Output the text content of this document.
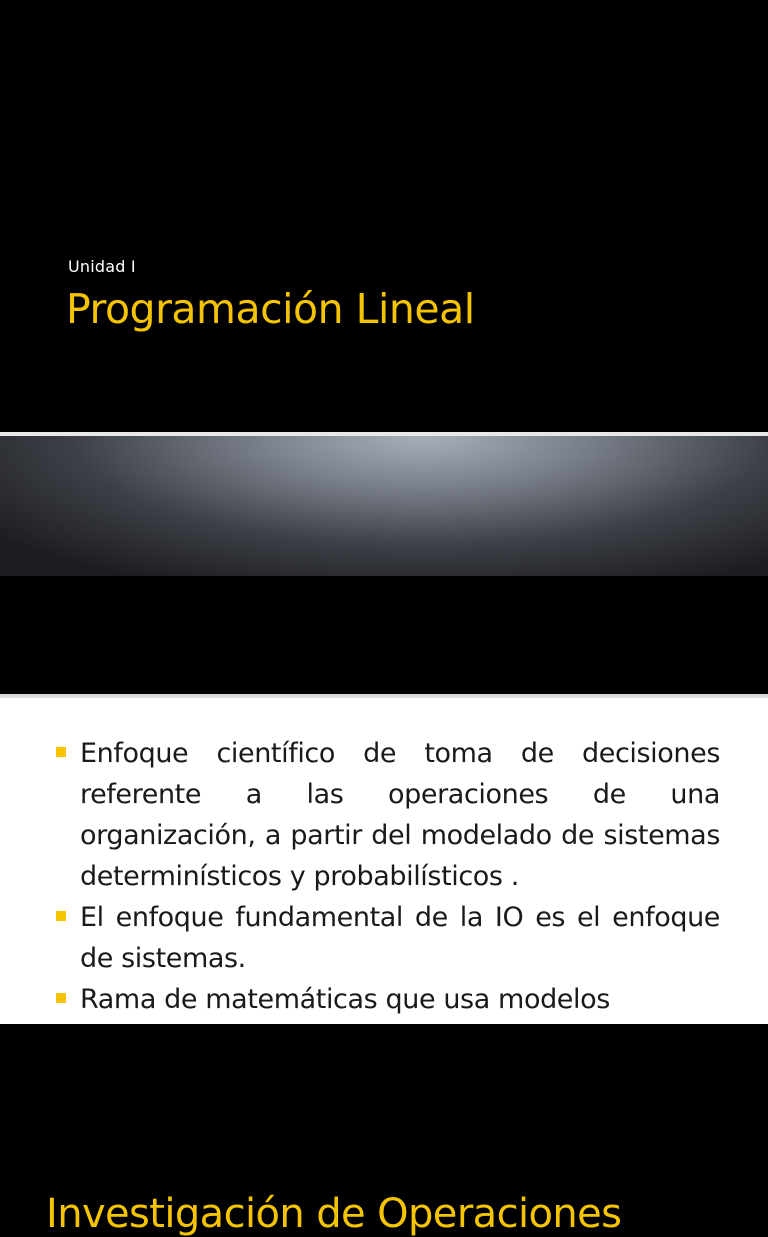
Unidad I
Programación Lineal
Investigación de Operaciones
Enfoque científico de toma de decisiones referente a las operaciones de una organización, a partir del modelado de sistemas determinísticos y probabilísticos .
El enfoque fundamental de la IO es el enfoque de sistemas.
Rama de matemáticas que usa modelos
